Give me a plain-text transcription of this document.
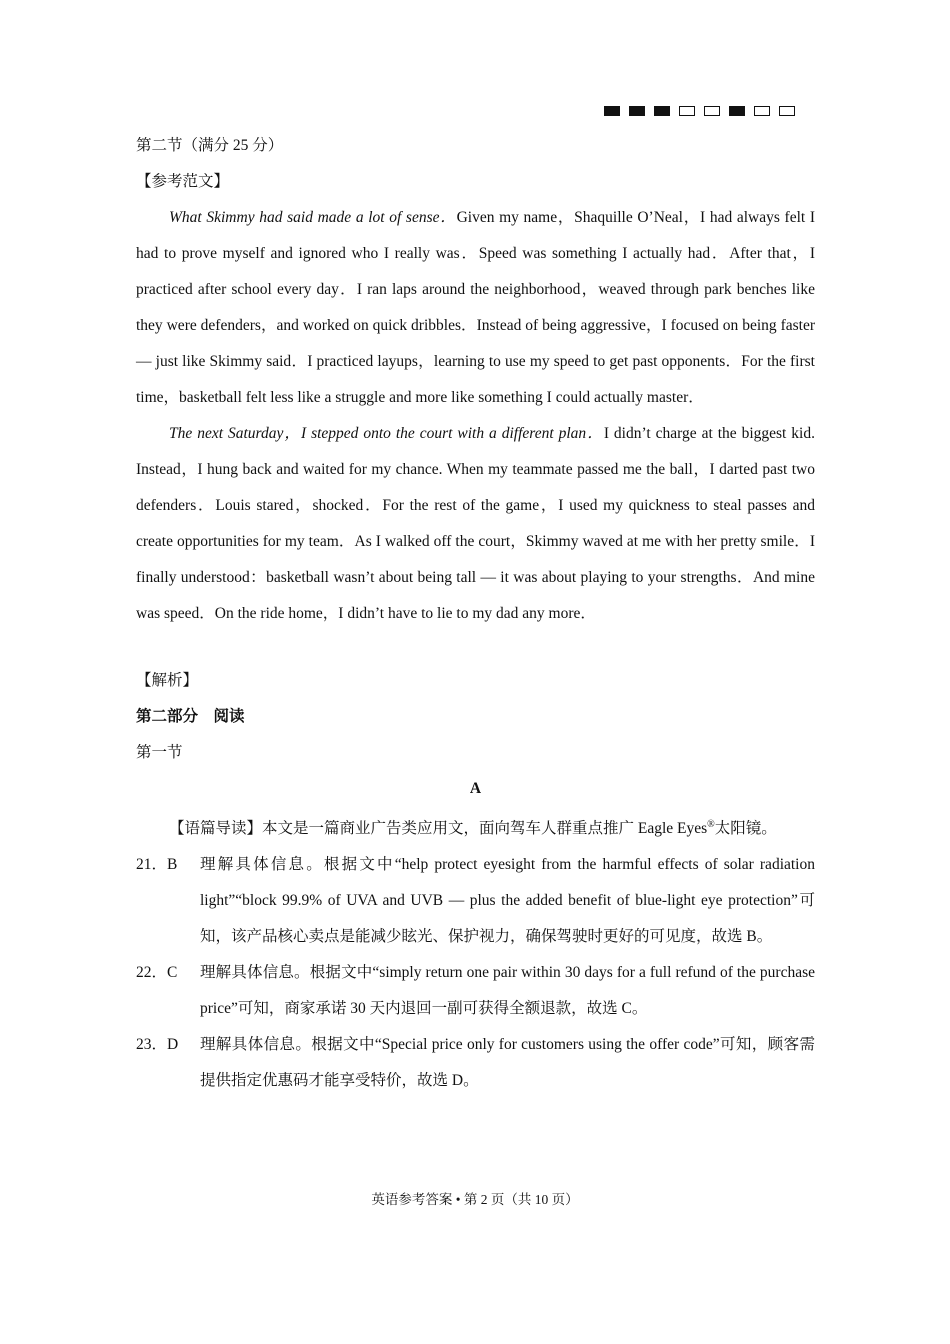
第二节（满分 25 分）

【参考范文】

What Skimmy had said made a lot of sense．Given my name，Shaquille O’Neal，I had always felt I had to prove myself and ignored who I really was．Speed was something I actually had．After that，I practiced after school every day．I ran laps around the neighborhood，weaved through park benches like they were defenders，and worked on quick dribbles．Instead of being aggressive，I focused on being faster — just like Skimmy said．I practiced layups，learning to use my speed to get past opponents．For the first time，basketball felt less like a struggle and more like something I could actually master．

The next Saturday，I stepped onto the court with a different plan．I didn’t charge at the biggest kid. Instead，I hung back and waited for my chance. When my teammate passed me the ball，I darted past two defenders．Louis stared，shocked．For the rest of the game，I used my quickness to steal passes and create opportunities for my team．As I walked off the court，Skimmy waved at me with her pretty smile．I finally understood：basketball wasn’t about being tall — it was about playing to your strengths．And mine was speed．On the ride home，I didn’t have to lie to my dad any more．

【解析】

第二部分　阅读

第一节

A

【语篇导读】本文是一篇商业广告类应用文，面向驾车人群重点推广 Eagle Eyes®太阳镜。

21．B	理解具体信息。根据文中“help protect eyesight from the harmful effects of solar radiation light”“block 99.9% of UVA and UVB — plus the added benefit of blue-light eye protection”可知，该产品核心卖点是能减少眩光、保护视力，确保驾驶时更好的可见度，故选 B。
22．C	理解具体信息。根据文中“simply return one pair within 30 days for a full refund of the purchase price”可知，商家承诺 30 天内退回一副可获得全额退款，故选 C。
23．D	理解具体信息。根据文中“Special price only for customers using the offer code”可知，顾客需提供指定优惠码才能享受特价，故选 D。
英语参考答案 • 第 2 页（共 10 页）
